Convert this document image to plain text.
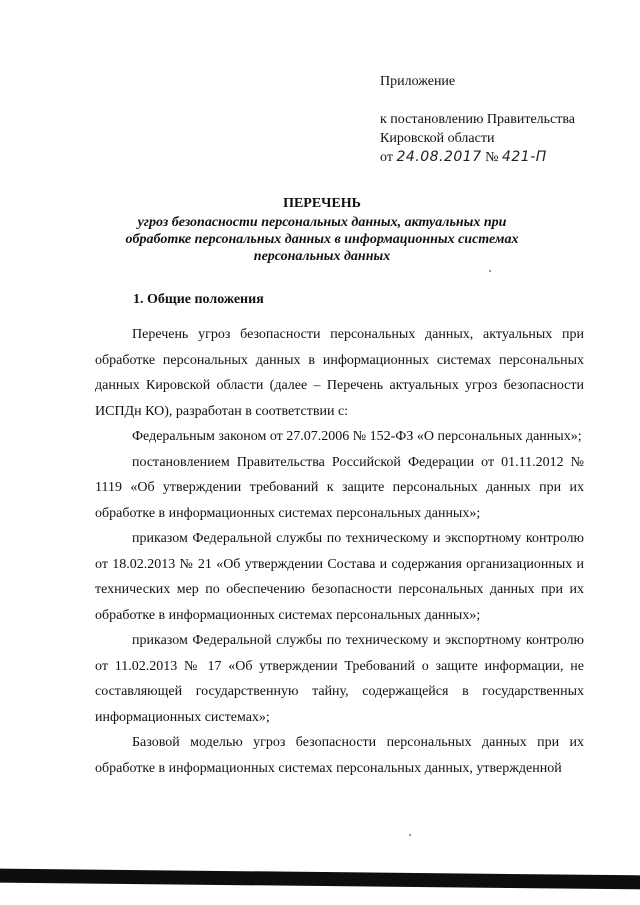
Приложение
к постановлению Правительства
Кировской области
от 24.08.2017 № 421-П
ПЕРЕЧЕНЬ
угроз безопасности персональных данных, актуальных при обработке персональных данных в информационных системах персональных данных
1. Общие положения

Перечень угроз безопасности персональных данных, актуальных при обработке персональных данных в информационных системах персональных данных Кировской области (далее – Перечень актуальных угроз безопасности ИСПДн КО), разработан в соответствии с:

Федеральным законом от 27.07.2006 № 152-ФЗ «О персональных данных»;

постановлением Правительства Российской Федерации от 01.11.2012 № 1119 «Об утверждении требований к защите персональных данных при их обработке в информационных системах персональных данных»;

приказом Федеральной службы по техническому и экспортному контролю от 18.02.2013 № 21 «Об утверждении Состава и содержания организационных и технических мер по обеспечению безопасности персональных данных при их обработке в информационных системах персональных данных»;

приказом Федеральной службы по техническому и экспортному контролю от 11.02.2013 № 17 «Об утверждении Требований о защите информации, не составляющей государственную тайну, содержащейся в государственных информационных системах»;

Базовой моделью угроз безопасности персональных данных при их обработке в информационных системах персональных данных, утвержденной
